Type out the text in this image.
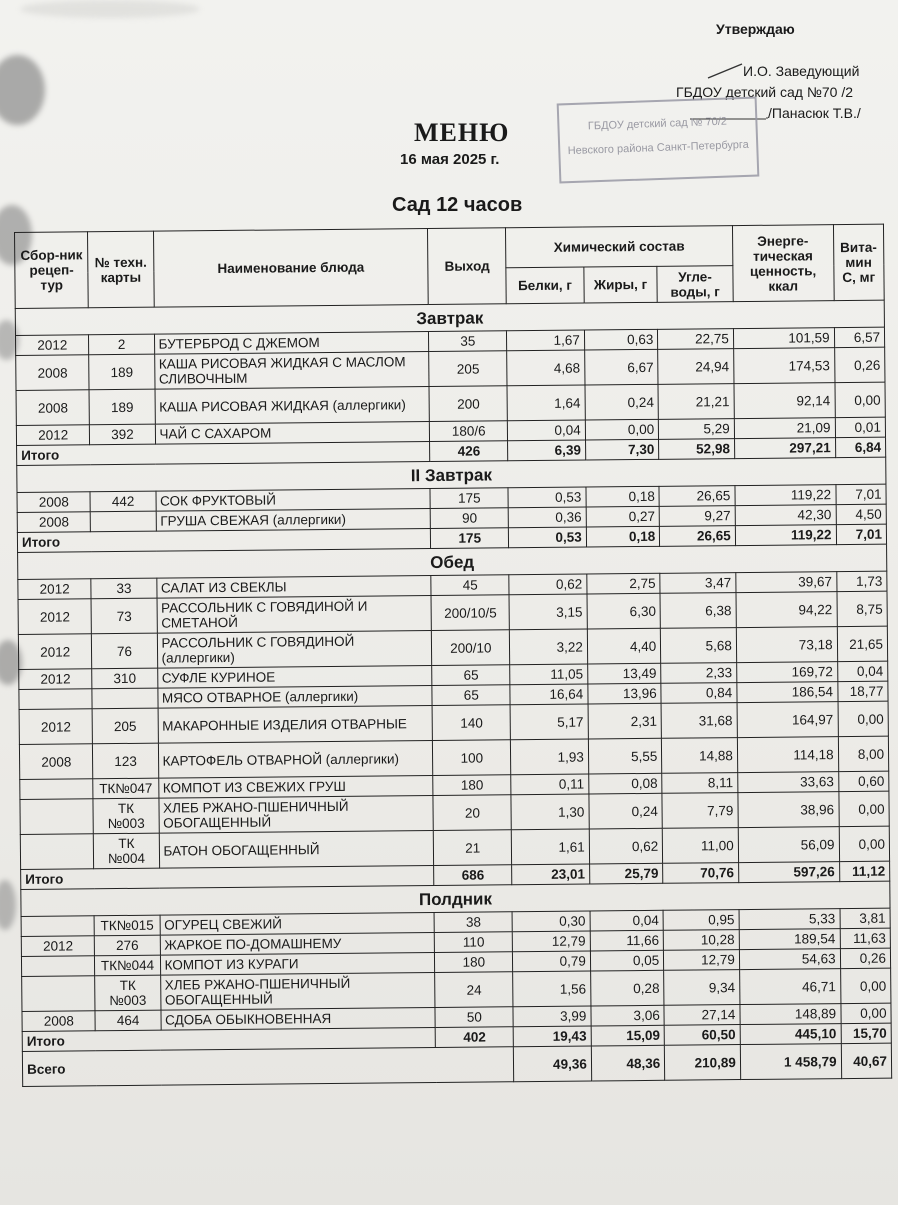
Утверждаю
И.О. Заведующий
ГБДОУ детский сад №70 /2
/Панасюк Т.В./
ГБДОУ детский сад № 70/2
Невского района Санкт-Петербурга
МЕНЮ
16 мая 2025 г.
Сад 12 часов
Сбор-ник рецеп-тур	№ техн. карты	Наименование блюда	Выход	Химический состав			Энерге-тическая ценность, ккал	Вита-мин С, мг
				Белки, г	Жиры, г	Угле-воды, г		
Завтрак								
2012	2	БУТЕРБРОД С ДЖЕМОМ	35	1,67	0,63	22,75	101,59	6,57
2008	189	КАША РИСОВАЯ ЖИДКАЯ С МАСЛОМ СЛИВОЧНЫМ	205	4,68	6,67	24,94	174,53	0,26
2008	189	КАША РИСОВАЯ ЖИДКАЯ (аллергики)	200	1,64	0,24	21,21	92,14	0,00
2012	392	ЧАЙ С САХАРОМ	180/6	0,04	0,00	5,29	21,09	0,01
Итого			426	6,39	7,30	52,98	297,21	6,84
II Завтрак								
2008	442	СОК ФРУКТОВЫЙ	175	0,53	0,18	26,65	119,22	7,01
2008		ГРУША СВЕЖАЯ (аллергики)	90	0,36	0,27	9,27	42,30	4,50
Итого			175	0,53	0,18	26,65	119,22	7,01
Обед								
2012	33	САЛАТ ИЗ СВЕКЛЫ	45	0,62	2,75	3,47	39,67	1,73
2012	73	РАССОЛЬНИК С ГОВЯДИНОЙ И СМЕТАНОЙ	200/10/5	3,15	6,30	6,38	94,22	8,75
2012	76	РАССОЛЬНИК С ГОВЯДИНОЙ (аллергики)	200/10	3,22	4,40	5,68	73,18	21,65
2012	310	СУФЛЕ КУРИНОЕ	65	11,05	13,49	2,33	169,72	0,04
		МЯСО ОТВАРНОЕ (аллергики)	65	16,64	13,96	0,84	186,54	18,77
2012	205	МАКАРОННЫЕ ИЗДЕЛИЯ ОТВАРНЫЕ	140	5,17	2,31	31,68	164,97	0,00
2008	123	КАРТОФЕЛЬ ОТВАРНОЙ (аллергики)	100	1,93	5,55	14,88	114,18	8,00
	ТК№047	КОМПОТ ИЗ СВЕЖИХ ГРУШ	180	0,11	0,08	8,11	33,63	0,60
	ТК №003	ХЛЕБ РЖАНО-ПШЕНИЧНЫЙ ОБОГАЩЕННЫЙ	20	1,30	0,24	7,79	38,96	0,00
	ТК №004	БАТОН ОБОГАЩЕННЫЙ	21	1,61	0,62	11,00	56,09	0,00
Итого			686	23,01	25,79	70,76	597,26	11,12
Полдник								
	ТК№015	ОГУРЕЦ СВЕЖИЙ	38	0,30	0,04	0,95	5,33	3,81
2012	276	ЖАРКОЕ ПО-ДОМАШНЕМУ	110	12,79	11,66	10,28	189,54	11,63
	ТК№044	КОМПОТ ИЗ КУРАГИ	180	0,79	0,05	12,79	54,63	0,26
	ТК №003	ХЛЕБ РЖАНО-ПШЕНИЧНЫЙ ОБОГАЩЕННЫЙ	24	1,56	0,28	9,34	46,71	0,00
2008	464	СДОБА ОБЫКНОВЕННАЯ	50	3,99	3,06	27,14	148,89	0,00
Итого			402	19,43	15,09	60,50	445,10	15,70
Всего				49,36	48,36	210,89	1 458,79	40,67
